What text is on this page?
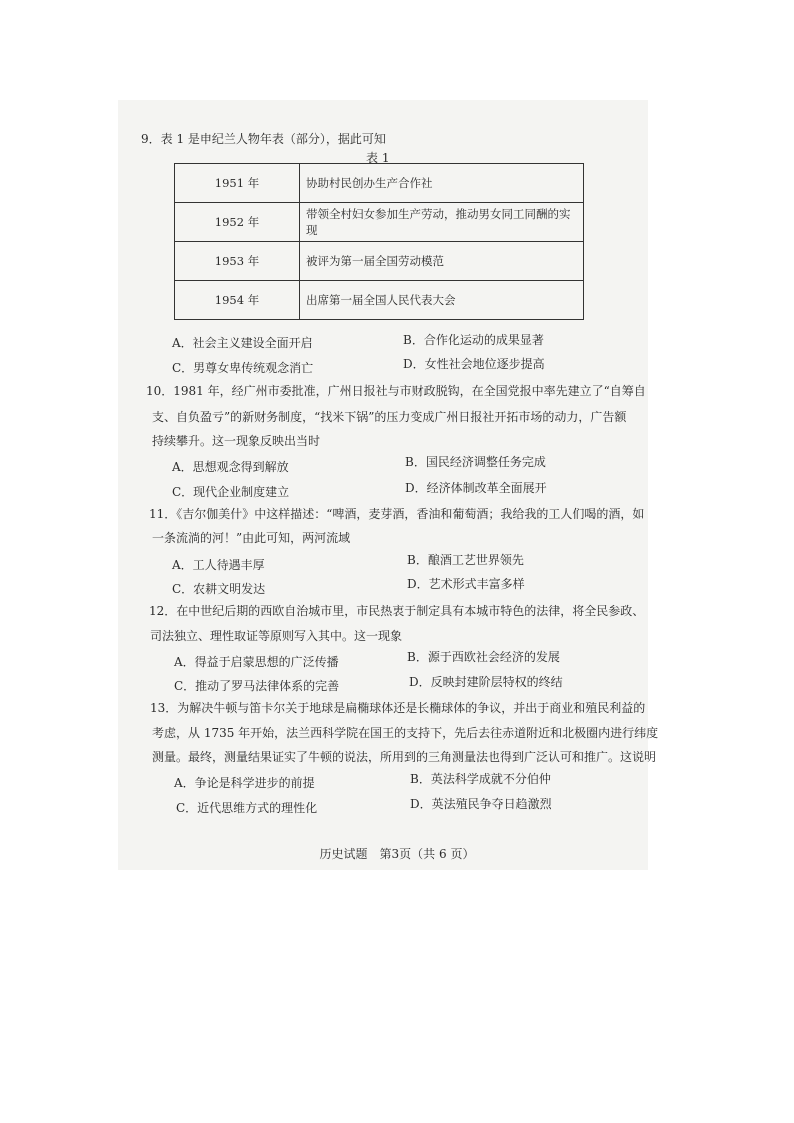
9．表 1 是申纪兰人物年表（部分），据此可知
表 1
1951 年	协助村民创办生产合作社
1952 年	带领全村妇女参加生产劳动，推动男女同工同酬的实现
1953 年	被评为第一届全国劳动模范
1954 年	出席第一届全国人民代表大会
A．社会主义建设全面开启	B．合作化运动的成果显著
C．男尊女卑传统观念消亡	D．女性社会地位逐步提高
10．1981 年，经广州市委批准，广州日报社与市财政脱钩，在全国党报中率先建立了“自筹自
支、自负盈亏”的新财务制度，“找米下锅”的压力变成广州日报社开拓市场的动力，广告额
持续攀升。这一现象反映出当时
A．思想观念得到解放	B．国民经济调整任务完成
C．现代企业制度建立	D．经济体制改革全面展开
11．《吉尔伽美什》中这样描述：“啤酒，麦芽酒，香油和葡萄酒；我给我的工人们喝的酒，如
一条流淌的河！”由此可知，两河流域
A．工人待遇丰厚	B．酿酒工艺世界领先
C．农耕文明发达	D．艺术形式丰富多样
12．在中世纪后期的西欧自治城市里，市民热衷于制定具有本城市特色的法律，将全民参政、
司法独立、理性取证等原则写入其中。这一现象
A．得益于启蒙思想的广泛传播	B．源于西欧社会经济的发展
C．推动了罗马法律体系的完善	D．反映封建阶层特权的终结
13．为解决牛顿与笛卡尔关于地球是扁椭球体还是长椭球体的争议，并出于商业和殖民利益的
考虑，从 1735 年开始，法兰西科学院在国王的支持下，先后去往赤道附近和北极圈内进行纬度
测量。最终，测量结果证实了牛顿的说法，所用到的三角测量法也得到广泛认可和推广。这说明
A．争论是科学进步的前提	B．英法科学成就不分伯仲
C．近代思维方式的理性化	D．英法殖民争夺日趋激烈
历史试题　第3页（共 6 页）
